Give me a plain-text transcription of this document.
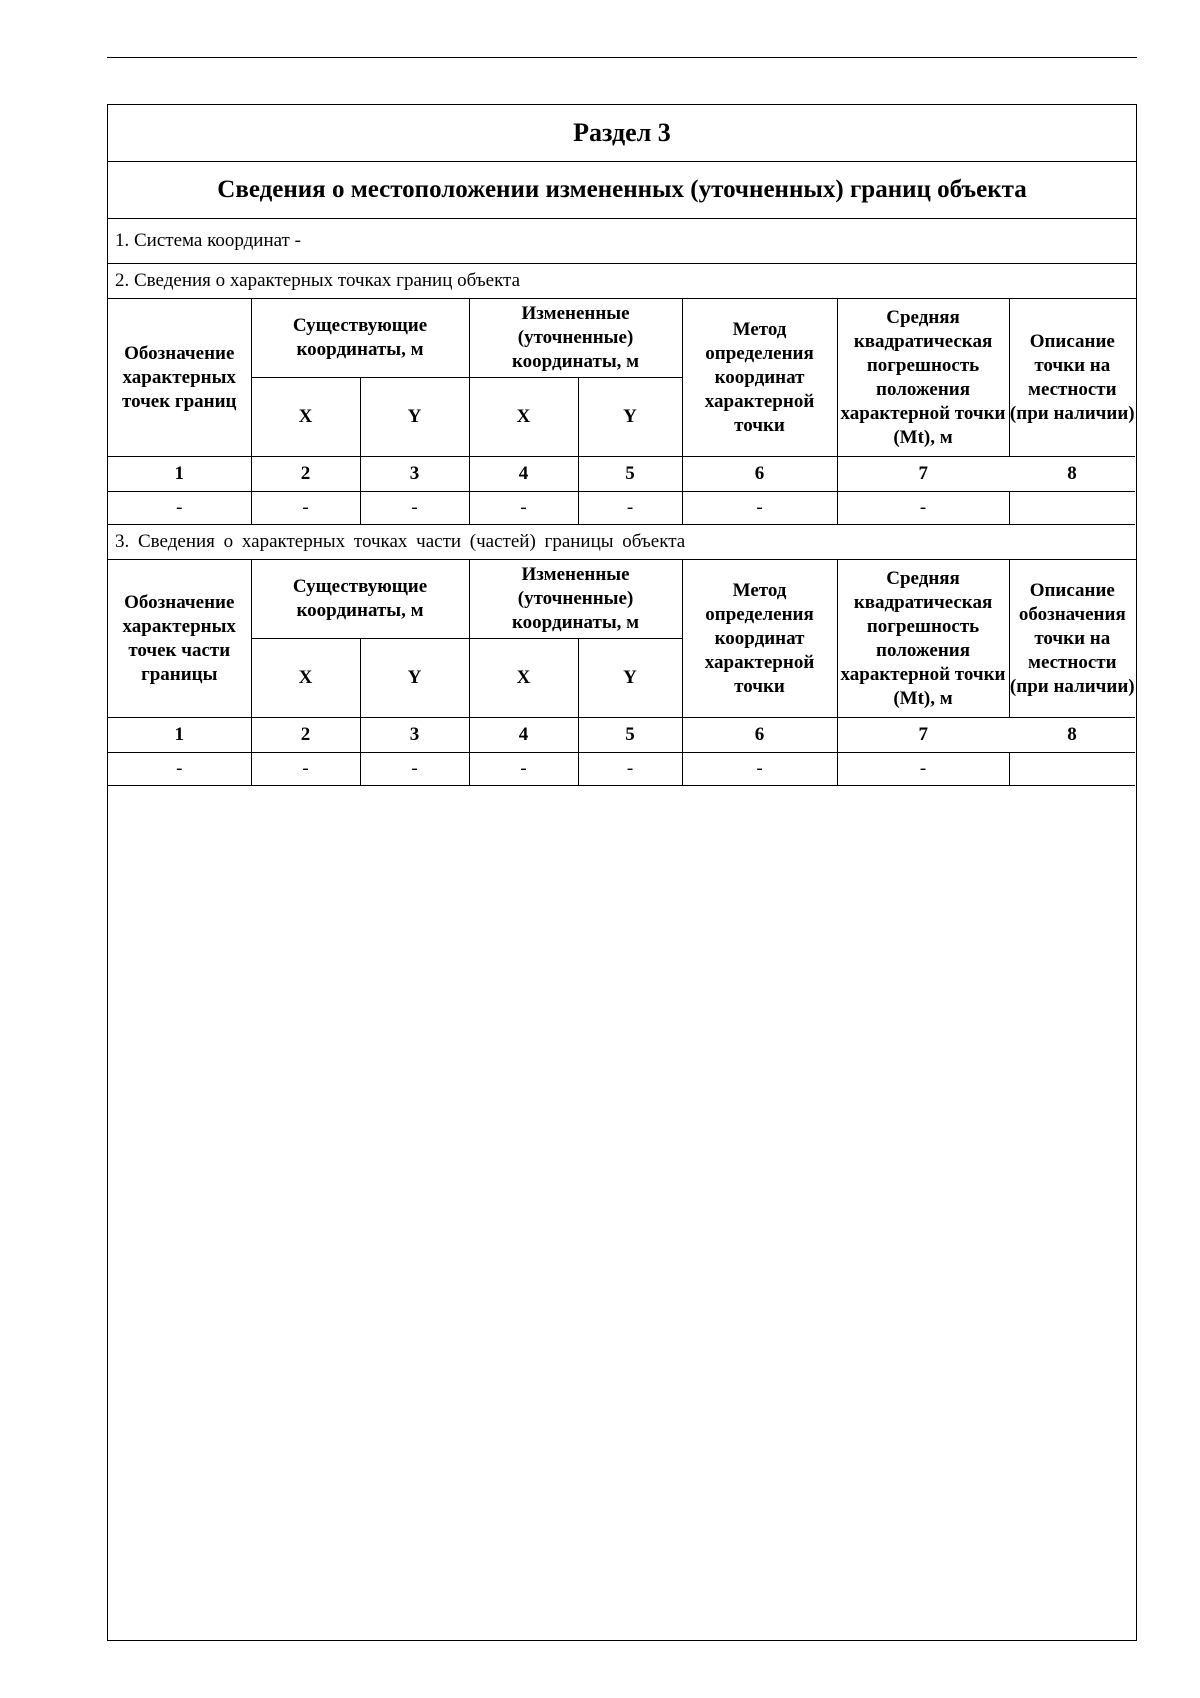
Раздел 3
Сведения о местоположении измененных (уточненных) границ объекта
1. Система координат -
2. Сведения о характерных точках границ объекта
Обозначение характерных точек границ	Существующие координаты, м		Измененные (уточненные) координаты, м		Метод определения координат характерной точки	Средняя квадратическая погрешность положения характерной точки (Mt), м	Описание точки на местности (при наличии)
	X	Y	X	Y			
1	2	3	4	5	6	7	8
-	-	-	-	-	-	-	
3. Сведения о характерных точках части (частей) границы объекта
Обозначение характерных точек части границы	Существующие координаты, м		Измененные (уточненные) координаты, м		Метод определения координат характерной точки	Средняя квадратическая погрешность положения характерной точки (Mt), м	Описание обозначения точки на местности (при наличии)
	X	Y	X	Y			
1	2	3	4	5	6	7	8
-	-	-	-	-	-	-	
